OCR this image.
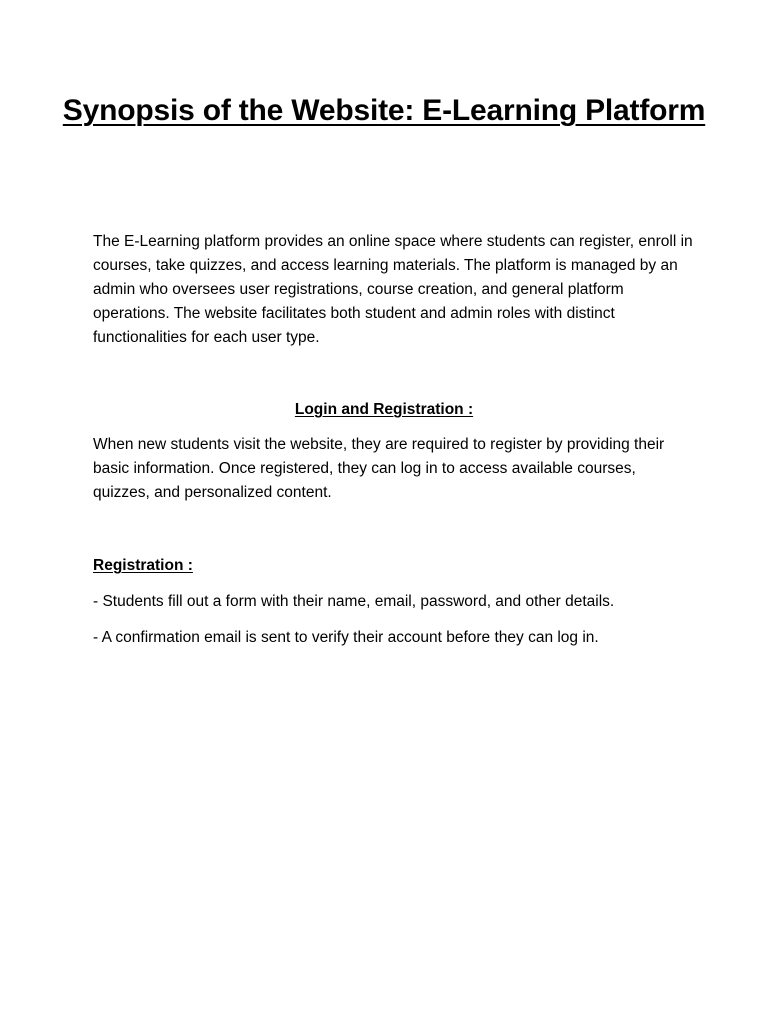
Synopsis of the Website: E-Learning Platform

The E-Learning platform provides an online space where students can register, enroll in courses, take quizzes, and access learning materials. The platform is managed by an admin who oversees user registrations, course creation, and general platform operations. The website facilitates both student and admin roles with distinct functionalities for each user type.

Login and Registration :

When new students visit the website, they are required to register by providing their basic information. Once registered, they can log in to access available courses, quizzes, and personalized content.

Registration :

- Students fill out a form with their name, email, password, and other details.

- A confirmation email is sent to verify their account before they can log in.
